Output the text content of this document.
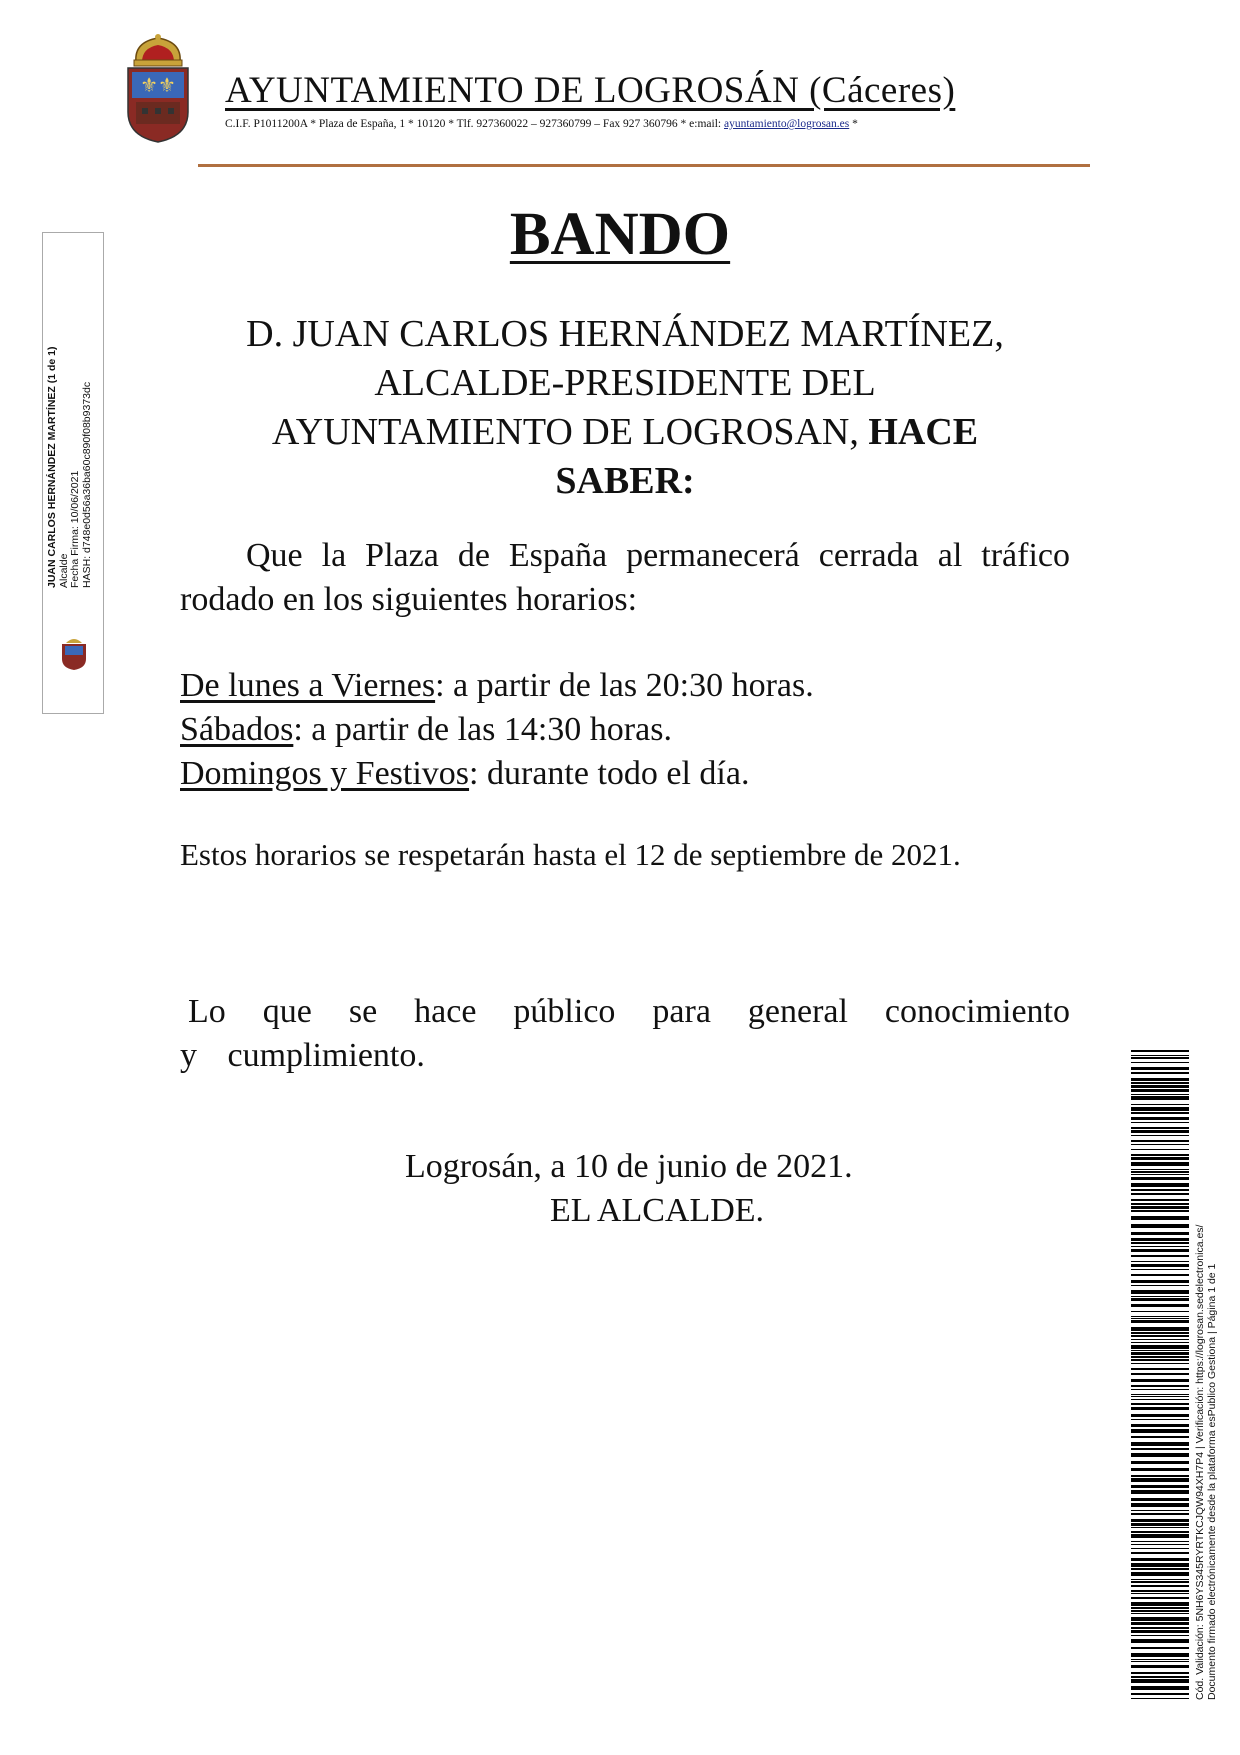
⚜⚜ AYUNTAMIENTO DE LOGROSÁN (Cáceres)
C.I.F. P1011200A * Plaza de España, 1 * 10120 * Tlf. 927360022 – 927360799 – Fax 927 360796 * e:mail: ayuntamiento@logrosan.es *
JUAN CARLOS HERNÁNDEZ MARTÍNEZ (1 de 1) Alcalde Fecha Firma: 10/06/2021 HASH: d748e0d56a36ba60c890f08b9373dc
BANDO
D. JUAN CARLOS HERNÁNDEZ MARTÍNEZ,
ALCALDE-PRESIDENTE DEL
AYUNTAMIENTO DE LOGROSAN, HACE
SABER:
Que la Plaza de España permanecerá cerrada al tráfico rodado en los siguientes horarios:
De lunes a Viernes: a partir de las 20:30 horas.
Sábados: a partir de las 14:30 horas.
Domingos y Festivos: durante todo el día.
Estos horarios se respetarán hasta el 12 de septiembre de 2021.
Lo que se hace público para general conocimiento y cumplimiento.
Logrosán, a 10 de junio de 2021.
EL ALCALDE.
Cód. Validación: 5NH6YS345RYRTKCJQW94XH7P4 | Verificación: https://logrosan.sedelectronica.es/ Documento firmado electrónicamente desde la plataforma esPublico Gestiona | Página 1 de 1
